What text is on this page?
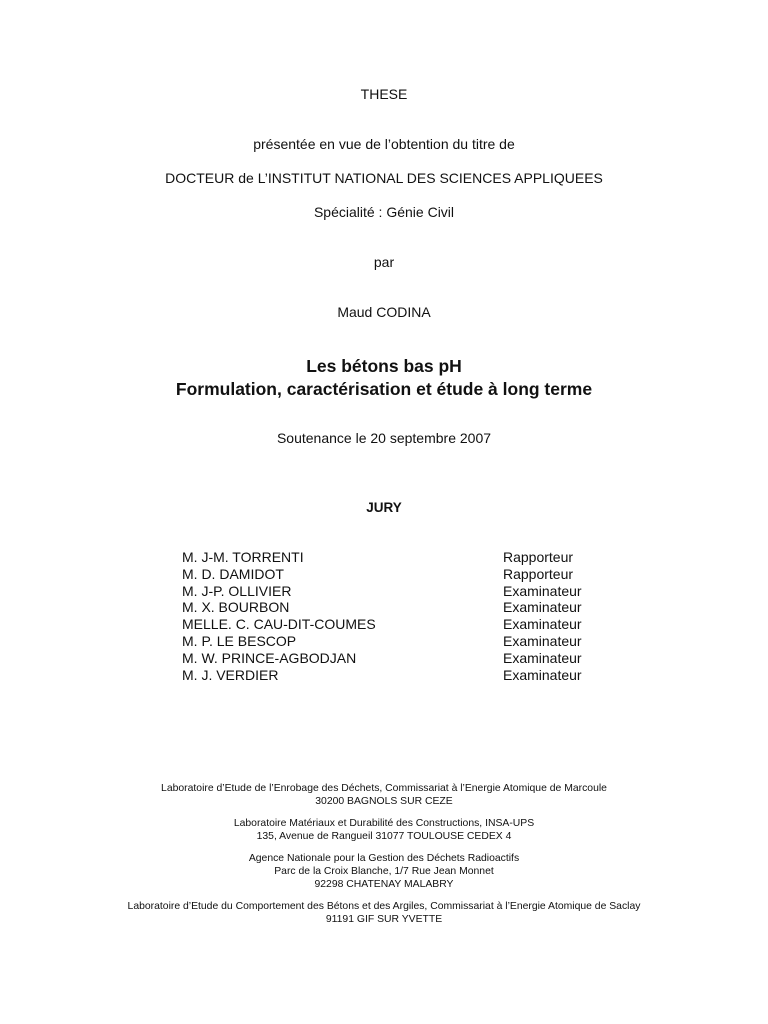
THESE
présentée en vue de l’obtention du titre de
DOCTEUR de L’INSTITUT NATIONAL DES SCIENCES APPLIQUEES
Spécialité : Génie Civil
par
Maud CODINA
Les bétons bas pH
Formulation, caractérisation et étude à long terme
Soutenance le 20 septembre 2007
JURY
M. J-M. TORRENTI	Rapporteur
M. D. DAMIDOT	Rapporteur
M. J-P. OLLIVIER	Examinateur
M. X. BOURBON	Examinateur
MELLE. C. CAU-DIT-COUMES	Examinateur
M. P. LE BESCOP	Examinateur
M. W. PRINCE-AGBODJAN	Examinateur
M. J. VERDIER	Examinateur
Laboratoire d’Etude de l’Enrobage des Déchets, Commissariat à l’Energie Atomique de Marcoule
30200 BAGNOLS SUR CEZE
Laboratoire Matériaux et Durabilité des Constructions, INSA-UPS
135, Avenue de Rangueil 31077 TOULOUSE CEDEX 4
Agence Nationale pour la Gestion des Déchets Radioactifs
Parc de la Croix Blanche, 1/7 Rue Jean Monnet
92298 CHATENAY MALABRY
Laboratoire d’Etude du Comportement des Bétons et des Argiles, Commissariat à l’Energie Atomique de Saclay
91191 GIF SUR YVETTE
